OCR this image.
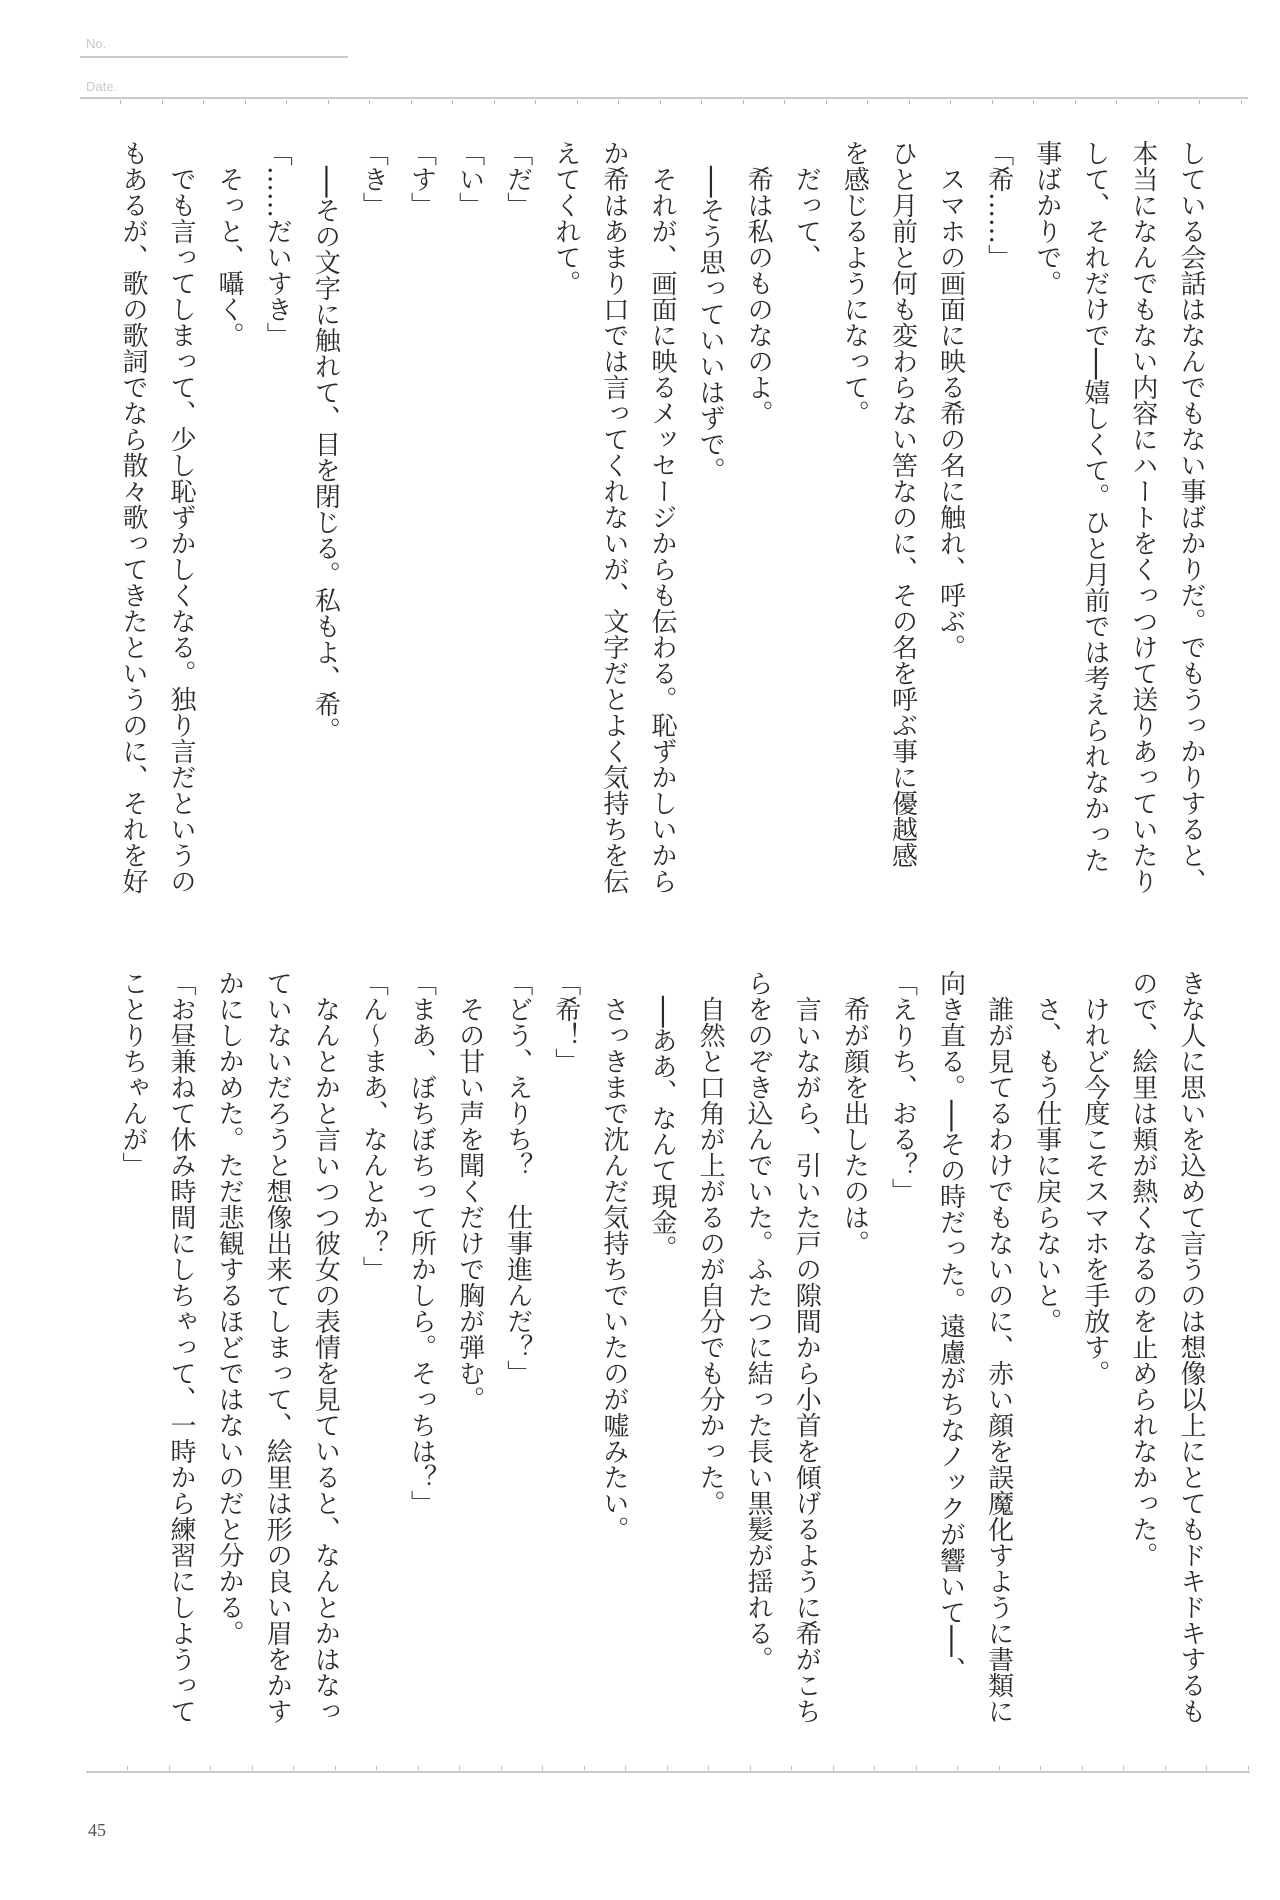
No.
Date.
している会話はなんでもない事ばかりだ。でもうっかりすると、
本当になんでもない内容にハートをくっつけて送りあっていたり
して、それだけで──嬉しくて。ひと月前では考えられなかった
事ばかりで。
「希……」
　スマホの画面に映る希の名に触れ、呼ぶ。
ひと月前と何も変わらない筈なのに、その名を呼ぶ事に優越感
を感じるようになって。
　だって、
　希は私のものなのよ。
　──そう思っていいはずで。
　それが、画面に映るメッセージからも伝わる。恥ずかしいから
か希はあまり口では言ってくれないが、文字だとよく気持ちを伝
えてくれて。
「だ」
「い」
「す」
「き」
　──その文字に触れて、目を閉じる。私もよ、希。
「……だいすき」
　そっと、囁く。
　でも言ってしまって、少し恥ずかしくなる。独り言だというの
もあるが、歌の歌詞でなら散々歌ってきたというのに、それを好
きな人に思いを込めて言うのは想像以上にとてもドキドキするも
ので、絵里は頬が熱くなるのを止められなかった。
　けれど今度こそスマホを手放す。
　さ、もう仕事に戻らないと。
　誰が見てるわけでもないのに、赤い顔を誤魔化すように書類に
向き直る。──その時だった。遠慮がちなノックが響いて──、
「えりち、おる？」
　希が顔を出したのは。
　言いながら、引いた戸の隙間から小首を傾げるように希がこち
らをのぞき込んでいた。ふたつに結った長い黒髪が揺れる。
　自然と口角が上がるのが自分でも分かった。
　──ああ、なんて現金。
　さっきまで沈んだ気持ちでいたのが嘘みたい。
「希！」
「どう、えりち？　仕事進んだ？」
　その甘い声を聞くだけで胸が弾む。
「まあ、ぼちぼちって所かしら。そっちは？」
「ん～まあ、なんとか？」
　なんとかと言いつつ彼女の表情を見ていると、なんとかはなっ
ていないだろうと想像出来てしまって、絵里は形の良い眉をかす
かにしかめた。ただ悲観するほどではないのだと分かる。
「お昼兼ねて休み時間にしちゃって、一時から練習にしようって
ことりちゃんが」
45
